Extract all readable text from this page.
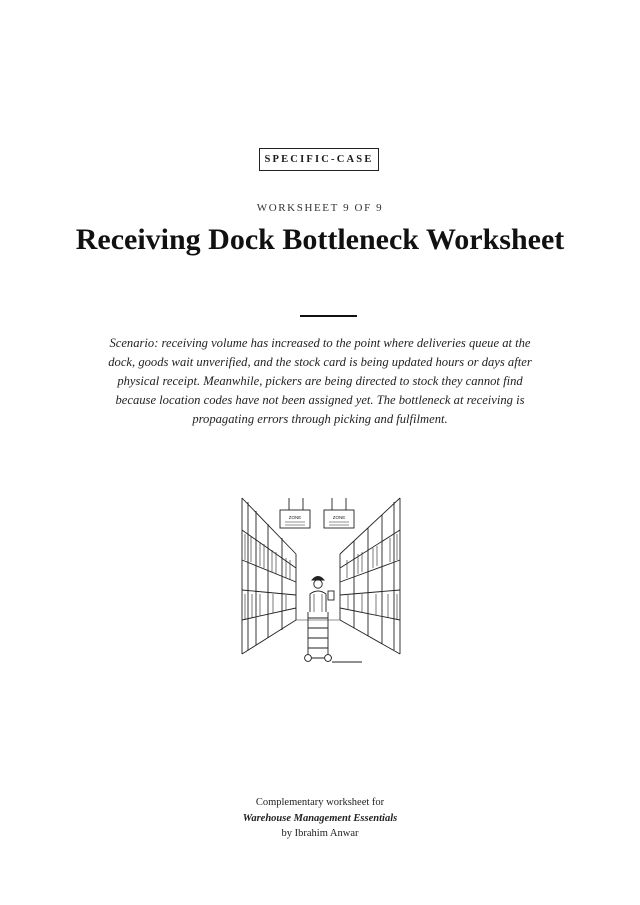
SPECIFIC-CASE
WORKSHEET 9 OF 9
Receiving Dock Bottleneck Worksheet

Scenario: receiving volume has increased to the point where deliveries queue at the dock, goods wait unverified, and the stock card is being updated hours or days after physical receipt. Meanwhile, pickers are being directed to stock they cannot find because location codes have not been assigned yet. The bottleneck at receiving is propagating errors through picking and fulfilment.

ZONE	ZONE
Complementary worksheet for
Warehouse Management Essentials
by Ibrahim Anwar
